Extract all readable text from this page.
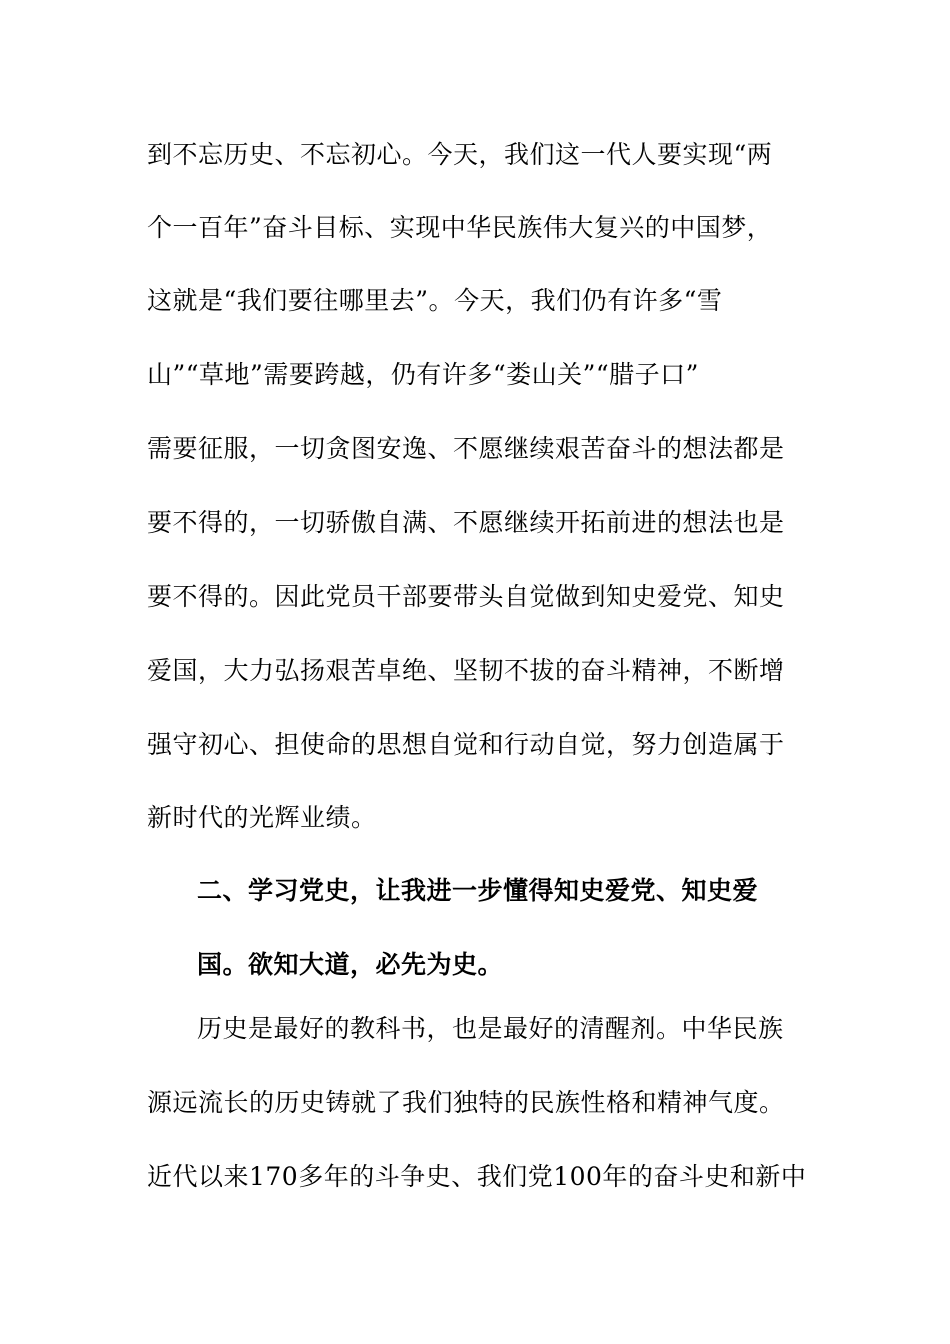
到不忘历史、不忘初心。今天，我们这一代人要实现“两
个一百年”奋斗目标、实现中华民族伟大复兴的中国梦，
这就是“我们要往哪里去”。今天，我们仍有许多“雪
山”“草地”需要跨越，仍有许多“娄山关”“腊子口”
需要征服，一切贪图安逸、不愿继续艰苦奋斗的想法都是
要不得的，一切骄傲自满、不愿继续开拓前进的想法也是
要不得的。因此党员干部要带头自觉做到知史爱党、知史
爱国，大力弘扬艰苦卓绝、坚韧不拔的奋斗精神，不断增
强守初心、担使命的思想自觉和行动自觉，努力创造属于
新时代的光辉业绩。
二、学习党史，让我进一步懂得知史爱党、知史爱
国。欲知大道，必先为史。
历史是最好的教科书，也是最好的清醒剂。中华民族
源远流长的历史铸就了我们独特的民族性格和精神气度。
近代以来170多年的斗争史、我们党100年的奋斗史和新中
